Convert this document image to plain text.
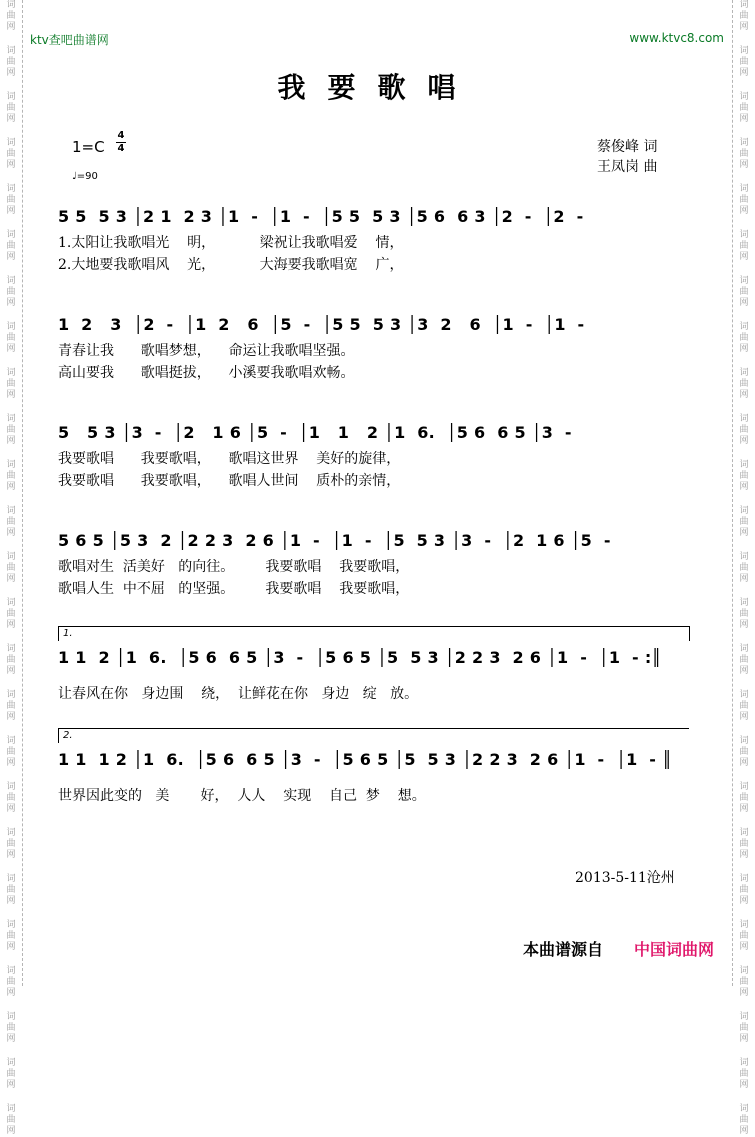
词
曲
网
词
曲
网
词
曲
网
词
曲
网
词
曲
网
词
曲
网
词
曲
网
词
曲
网
词
曲
网
词
曲
网
词
曲
网
词
曲
网
词
曲
网
词
曲
网
词
曲
网
词
曲
网
词
曲
网
词
曲
网
词
曲
网
词
曲
网
词
曲
网
词
曲
网
词
曲
网
词
曲
网
词
曲
网
词
曲
网
词
曲
网
词
曲
网
词
曲
网
词
曲
网
词
曲
网
词
曲
网
词
曲
网
词
曲
网
词
曲
网
词
曲
网
词
曲
网
词
曲
网
词
曲
网
词
曲
网
词
曲
网
词
曲
网
词
曲
网
词
曲
网
词
曲
网
词
曲
网
词
曲
网
词
曲
网
词
曲
网
词
曲
网
ktv查吧曲谱网	www.ktvc8.com
我要歌唱
1=C
4
4
♩=90
蔡俊峰 词
王凤岗 曲
5 5  5 3 │2 1  2 3 │1  -  │1  -  │5 5  5 3 │5 6  6 3 │2  -  │2  -
1.太阳让我歌唱光    明，          梁祝让我歌唱爱    情，
2.大地要我歌唱风    光，          大海要我歌唱宽    广，
1  2   3  │2  -  │1  2   6  │5  -  │5 5  5 3 │3  2   6  │1  -  │1  -
青春让我      歌唱梦想，    命运让我歌唱坚强。
高山要我      歌唱挺拔，    小溪要我歌唱欢畅。
5   5 3 │3  -  │2   1 6 │5  -  │1   1   2 │1  6.  │5 6  6 5 │3  -
我要歌唱      我要歌唱，    歌唱这世界    美好的旋律，
我要歌唱      我要歌唱，    歌唱人世间    质朴的亲情，
5 6 5 │5 3  2 │2 2 3  2 6 │1  -  │1  -  │5  5 3 │3  -  │2  1 6 │5  -
歌唱对生  活美好   的向往。       我要歌唱    我要歌唱，
歌唱人生  中不屈   的坚强。       我要歌唱    我要歌唱，
1.
1 1  2 │1  6.  │5 6  6 5 │3  -  │5 6 5 │5  5 3 │2 2 3  2 6 │1  -  │1  - :║
让春风在你   身边围    绕，  让鲜花在你   身边   绽   放。
2.
1 1  1 2 │1  6.  │5 6  6 5 │3  -  │5 6 5 │5  5 3 │2 2 3  2 6 │1  -  │1  - ║
世界因此变的   美       好，  人人    实现    自己  梦    想。
2013-5-11沧州
本曲谱源自 中国词曲网
